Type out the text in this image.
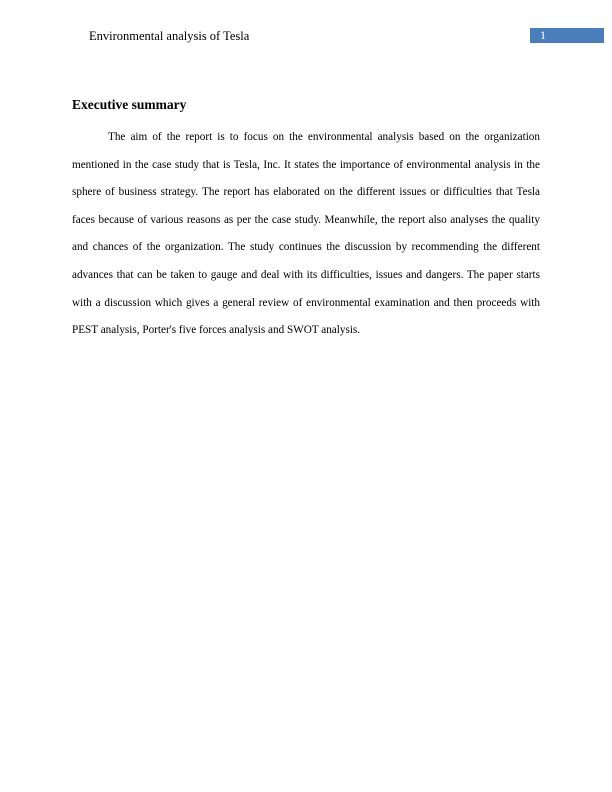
Environmental analysis of Tesla	1
Executive summary

The aim of the report is to focus on the environmental analysis based on the organization mentioned in the case study that is Tesla, Inc. It states the importance of environmental analysis in the sphere of business strategy. The report has elaborated on the different issues or difficulties that Tesla faces because of various reasons as per the case study. Meanwhile, the report also analyses the quality and chances of the organization. The study continues the discussion by recommending the different advances that can be taken to gauge and deal with its difficulties, issues and dangers. The paper starts with a discussion which gives a general review of environmental examination and then proceeds with PEST analysis, Porter's five forces analysis and SWOT analysis.
